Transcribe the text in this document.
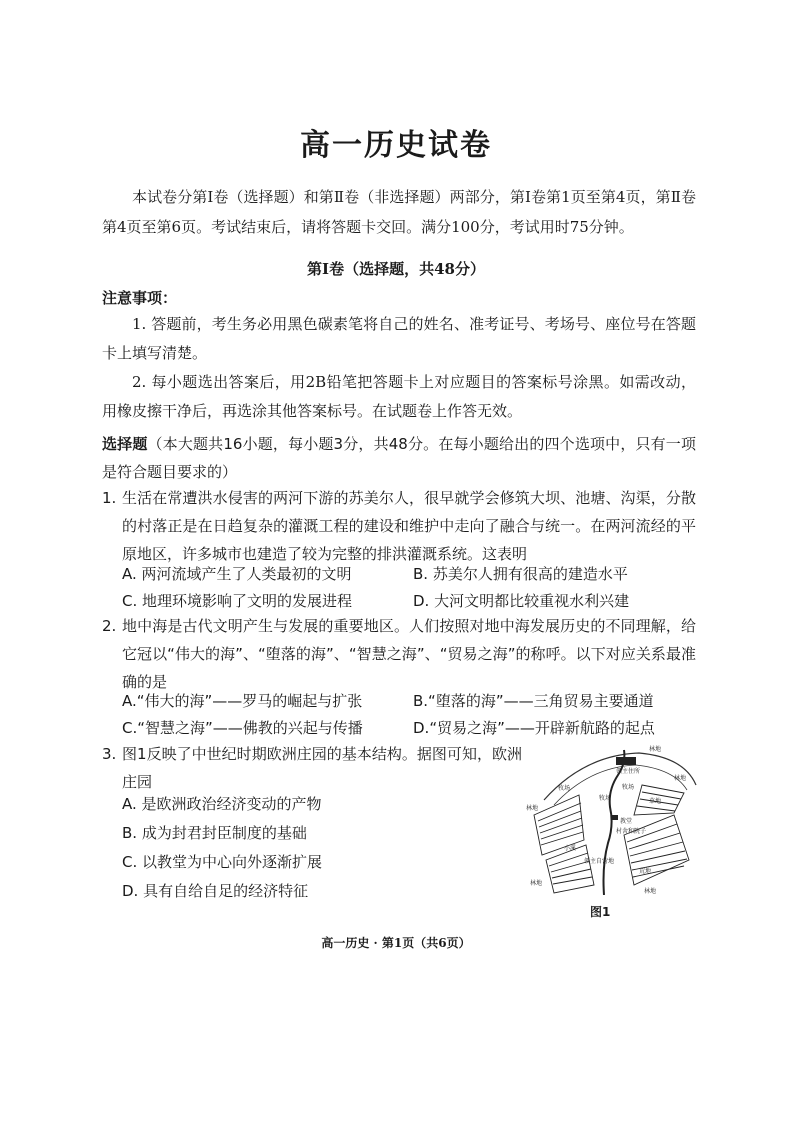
高一历史试卷
本试卷分第Ⅰ卷（选择题）和第Ⅱ卷（非选择题）两部分，第Ⅰ卷第1页至第4页，第Ⅱ卷第4页至第6页。考试结束后，请将答题卡交回。满分100分，考试用时75分钟。
第Ⅰ卷（选择题，共48分）
注意事项：
1. 答题前，考生务必用黑色碳素笔将自己的姓名、准考证号、考场号、座位号在答题卡上填写清楚。
2. 每小题选出答案后，用2B铅笔把答题卡上对应题目的答案标号涂黑。如需改动，用橡皮擦干净后，再选涂其他答案标号。在试题卷上作答无效。
选择题（本大题共16小题，每小题3分，共48分。在每小题给出的四个选项中，只有一项是符合题目要求的）
1. 生活在常遭洪水侵害的两河下游的苏美尔人，很早就学会修筑大坝、池塘、沟渠，分散的村落正是在日趋复杂的灌溉工程的建设和维护中走向了融合与统一。在两河流经的平原地区，许多城市也建造了较为完整的排洪灌溉系统。这表明
A. 两河流域产生了人类最初的文明	B. 苏美尔人拥有很高的建造水平
C. 地理环境影响了文明的发展进程	D. 大河文明都比较重视水利兴建
2. 地中海是古代文明产生与发展的重要地区。人们按照对地中海发展历史的不同理解，给它冠以“伟大的海”、“堕落的海”、“智慧之海”、“贸易之海”的称呼。以下对应关系最准确的是
A.“伟大的海”——罗马的崛起与扩张	B.“堕落的海”——三角贸易主要通道
C.“智慧之海”——佛教的兴起与传播	D.“贸易之海”——开辟新航路的起点
3. 图1反映了中世纪时期欧洲庄园的基本结构。据图可知，欧洲庄园
A. 是欧洲政治经济变动的产物
B. 成为封君封臣制度的基础
C. 以教堂为中心向外逐渐扩展
D. 具有自给自足的经济特征
林地
林地
林地
林地
牧场	牧场
领主住所
牧场
教堂
小溪
草地
领主自营地
村舍和院子
荒地
林地
图1
高一历史 · 第1页（共6页）
